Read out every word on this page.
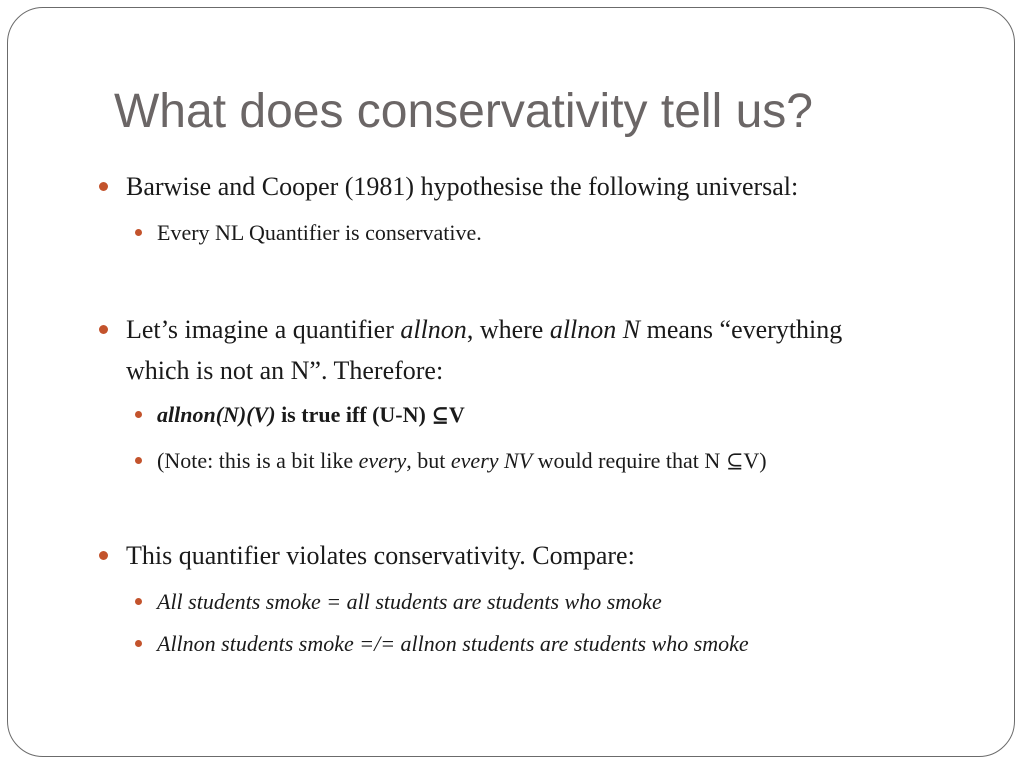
What does conservativity tell us?
Barwise and Cooper (1981) hypothesise the following universal:
Every NL Quantifier is conservative.
Let’s imagine a quantifier allnon, where allnon N means “everything
which is not an N”. Therefore:
allnon(N)(V) is true iff (U-N) ⊆V
(Note: this is a bit like every, but every NV would require that N ⊆V)
This quantifier violates conservativity. Compare:
All students smoke = all students are students who smoke
Allnon students smoke =/= allnon students are students who smoke
